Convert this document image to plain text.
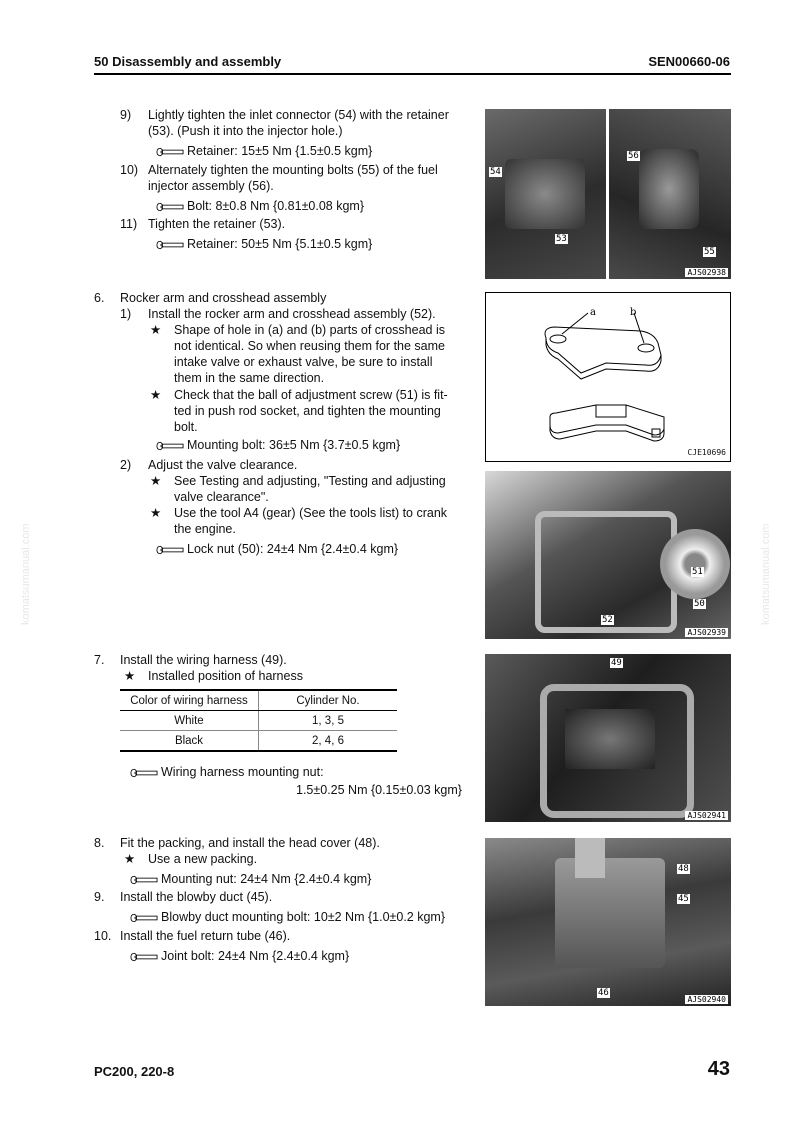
50 Disassembly and assembly	SEN00660-06
9) Lightly tighten the inlet connector (54) with the retainer
(53). (Push it into the injector hole.)
Retainer: 15±5 Nm {1.5±0.5 kgm}
10) Alternately tighten the mounting bolts (55) of the fuel
injector assembly (56).
Bolt: 8±0.8 Nm {0.81±0.08 kgm}
11) Tighten the retainer (53).
Retainer: 50±5 Nm {5.1±0.5 kgm}
54
53
56
55
AJS02938
6. Rocker arm and crosshead assembly
1) Install the rocker arm and crosshead assembly (52).
★ Shape of hole in (a) and (b) parts of crosshead is
not identical. So when reusing them for the same
intake valve or exhaust valve, be sure to install
them in the same direction.
★ Check that the ball of adjustment screw (51) is fit-
ted in push rod socket, and tighten the mounting
bolt.
Mounting bolt: 36±5 Nm {3.7±0.5 kgm}
2) Adjust the valve clearance.
★ See Testing and adjusting, "Testing and adjusting
valve clearance".
★ Use the tool A4 (gear) (See the tools list) to crank
the engine.
Lock nut (50): 24±4 Nm {2.4±0.4 kgm}
a	b
CJE10696
51
50
52
AJS02939
7. Install the wiring harness (49).
★ Installed position of harness
Color of wiring harness	Cylinder No.
White	1, 3, 5
Black	2, 4, 6
Wiring harness mounting nut:
1.5±0.25 Nm {0.15±0.03 kgm}
49
AJS02941
8. Fit the packing, and install the head cover (48).
★ Use a new packing.
Mounting nut: 24±4 Nm {2.4±0.4 kgm}
9. Install the blowby duct (45).
Blowby duct mounting bolt: 10±2 Nm {1.0±0.2 kgm}
10. Install the fuel return tube (46).
Joint bolt: 24±4 Nm {2.4±0.4 kgm}
48
45
46
AJS02940
komatsumanual.com	komatsumanual.com
PC200, 220-8	43
